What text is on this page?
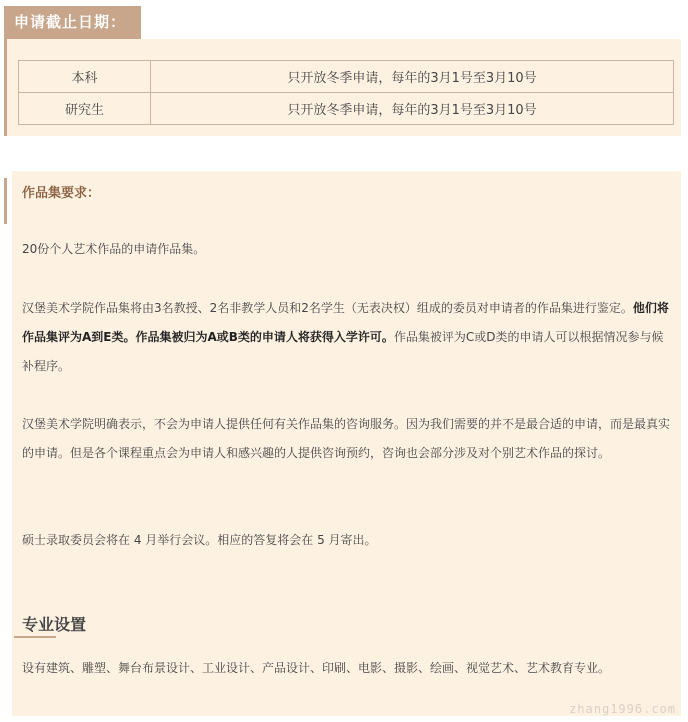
申请截止日期：
本科	只开放冬季申请，每年的3月1号至3月10号
研究生	只开放冬季申请，每年的3月1号至3月10号
作品集要求：

20份个人艺术作品的申请作品集。

汉堡美术学院作品集将由3名教授、2名非教学人员和2名学生（无表决权）组成的委员对申请者的作品集进行鉴定。他们将作品集评为A到E类。作品集被归为A或B类的申请人将获得入学许可。作品集被评为C或D类的申请人可以根据情况参与候补程序。

汉堡美术学院明确表示，不会为申请人提供任何有关作品集的咨询服务。因为我们需要的并不是最合适的申请，而是最真实的申请。但是各个课程重点会为申请人和感兴趣的人提供咨询预约，咨询也会部分涉及对个别艺术作品的探讨。

硕士录取委员会将在 4 月举行会议。相应的答复将会在 5 月寄出。

专业设置

设有建筑、雕塑、舞台布景设计、工业设计、产品设计、印刷、电影、摄影、绘画、视觉艺术、艺术教育专业。

zhang1996.com
